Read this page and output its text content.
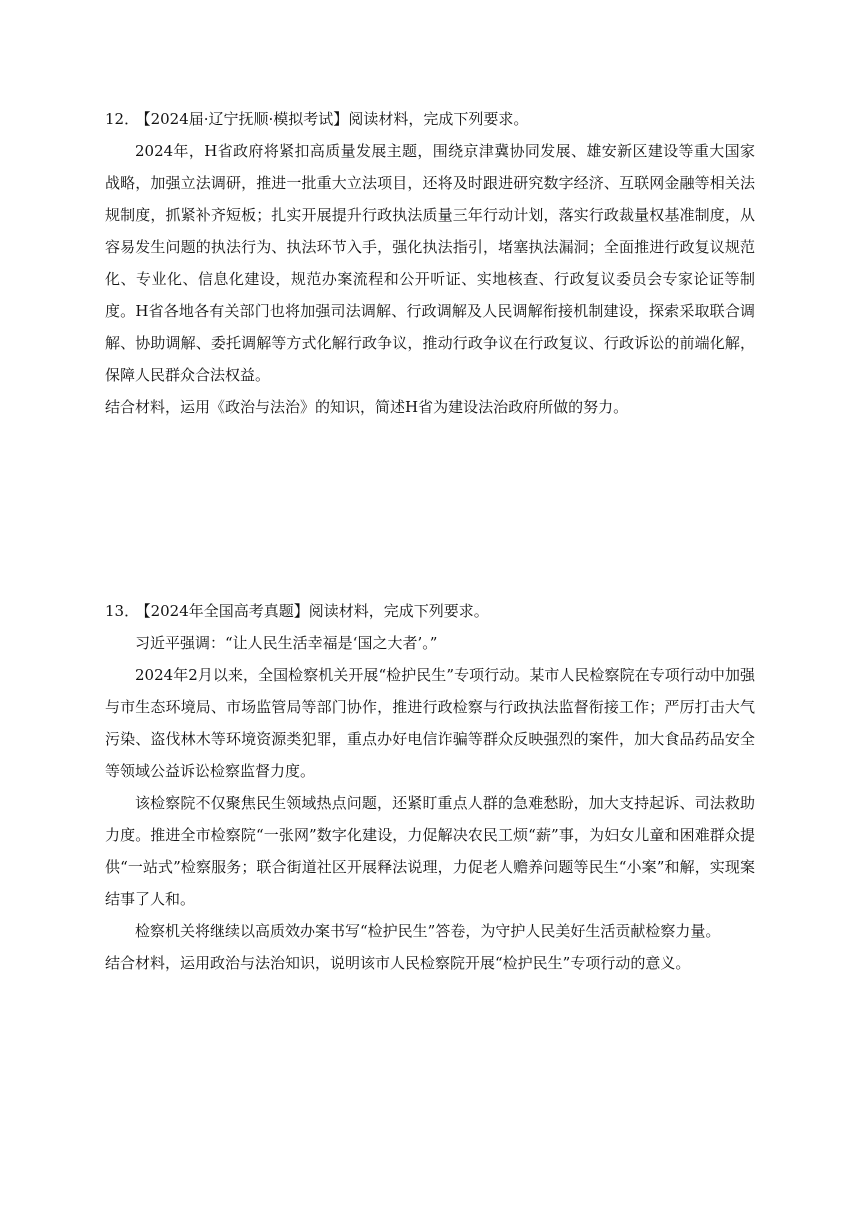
12． 【2024届·辽宁抚顺·模拟考试】阅读材料，完成下列要求。

2024年，H省政府将紧扣高质量发展主题，围绕京津冀协同发展、雄安新区建设等重大国家战略，加强立法调研，推进一批重大立法项目，还将及时跟进研究数字经济、互联网金融等相关法规制度，抓紧补齐短板；扎实开展提升行政执法质量三年行动计划，落实行政裁量权基准制度，从容易发生问题的执法行为、执法环节入手，强化执法指引，堵塞执法漏洞；全面推进行政复议规范化、专业化、信息化建设，规范办案流程和公开听证、实地核查、行政复议委员会专家论证等制度。H省各地各有关部门也将加强司法调解、行政调解及人民调解衔接机制建设，探索采取联合调解、协助调解、委托调解等方式化解行政争议，推动行政争议在行政复议、行政诉讼的前端化解，保障人民群众合法权益。

结合材料，运用《政治与法治》的知识，简述H省为建设法治政府所做的努力。

13． 【2024年全国高考真题】阅读材料，完成下列要求。

习近平强调：“让人民生活幸福是‘国之大者’。”

2024年2月以来，全国检察机关开展“检护民生”专项行动。某市人民检察院在专项行动中加强与市生态环境局、市场监管局等部门协作，推进行政检察与行政执法监督衔接工作；严厉打击大气污染、盗伐林木等环境资源类犯罪，重点办好电信诈骗等群众反映强烈的案件，加大食品药品安全等领域公益诉讼检察监督力度。

该检察院不仅聚焦民生领域热点问题，还紧盯重点人群的急难愁盼，加大支持起诉、司法救助力度。推进全市检察院“一张网”数字化建设，力促解决农民工烦“薪”事，为妇女儿童和困难群众提供“一站式”检察服务；联合街道社区开展释法说理，力促老人赡养问题等民生“小案”和解，实现案结事了人和。

检察机关将继续以高质效办案书写“检护民生”答卷，为守护人民美好生活贡献检察力量。

结合材料，运用政治与法治知识，说明该市人民检察院开展“检护民生”专项行动的意义。
